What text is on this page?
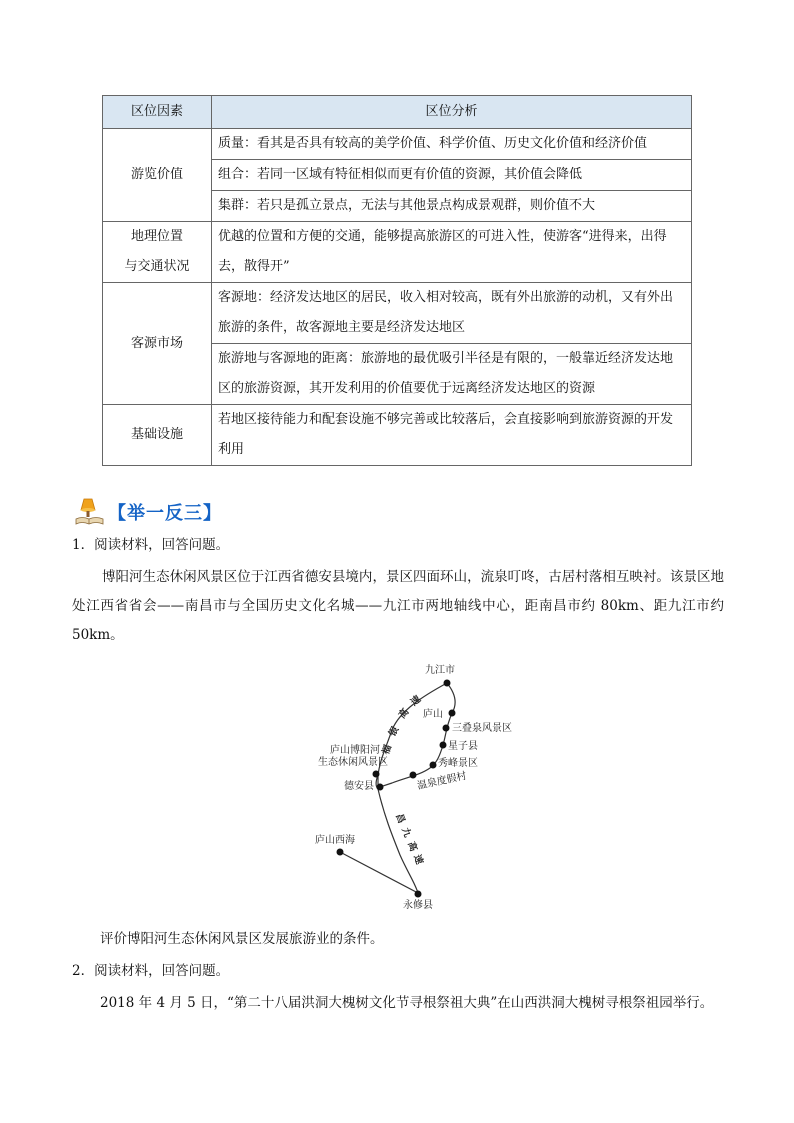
区位因素	区位分析
游览价值	质量：看其是否具有较高的美学价值、科学价值、历史文化价值和经济价值
	组合：若同一区域有特征相似而更有价值的资源，其价值会降低
	集群：若只是孤立景点，无法与其他景点构成景观群，则价值不大

地理位置
与交通状况	优越的位置和方便的交通，能够提高旅游区的可进入性，使游客“进得来，出得去，散得开”
客源市场	客源地：经济发达地区的居民，收入相对较高，既有外出旅游的动机，又有外出旅游的条件，故客源地主要是经济发达地区
	旅游地与客源地的距离：旅游地的最优吸引半径是有限的，一般靠近经济发达地区的旅游资源，其开发利用的价值要优于远离经济发达地区的资源
基础设施	若地区接待能力和配套设施不够完善或比较落后，会直接影响到旅游资源的开发利用
【举一反三】
1．阅读材料，回答问题。
博阳河生态休闲风景区位于江西省德安县境内，景区四面环山，流泉叮咚，古居村落相互映衬。该景区地处江西省省会——南昌市与全国历史文化名城——九江市两地轴线中心，距南昌市约 80km、距九江市约 50km。
九江市
庐山
三叠泉风景区
星子县
秀峰景区
温泉度假村
庐山博阳河
生态休闲风景区
德安县
庐山西海
永修县
福
银
高
速
昌
九
高
速
评价博阳河生态休闲风景区发展旅游业的条件。
2．阅读材料，回答问题。
2018 年 4 月 5 日，“第二十八届洪洞大槐树文化节寻根祭祖大典”在山西洪洞大槐树寻根祭祖园举行。
